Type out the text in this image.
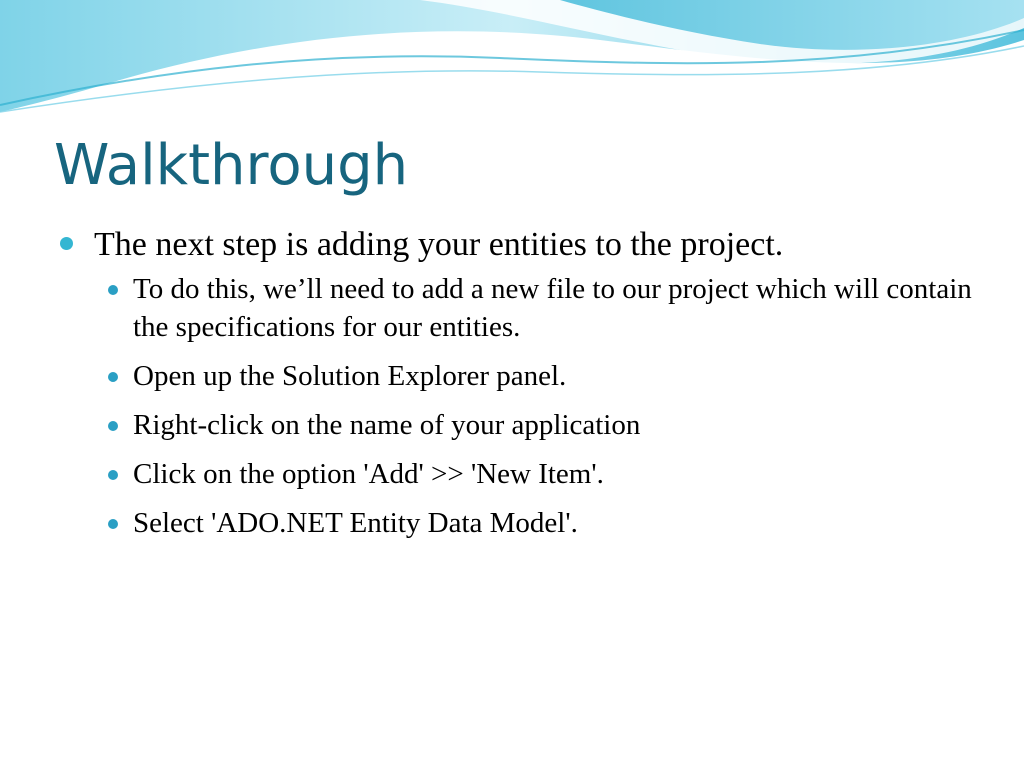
Walkthrough
The next step is adding your entities to the project.
To do this, we’ll need to add a new file to our project which will contain the specifications for our entities.
Open up the Solution Explorer panel.
Right-click on the name of your application
Click on the option 'Add' >> 'New Item'.
Select 'ADO.NET Entity Data Model'.
